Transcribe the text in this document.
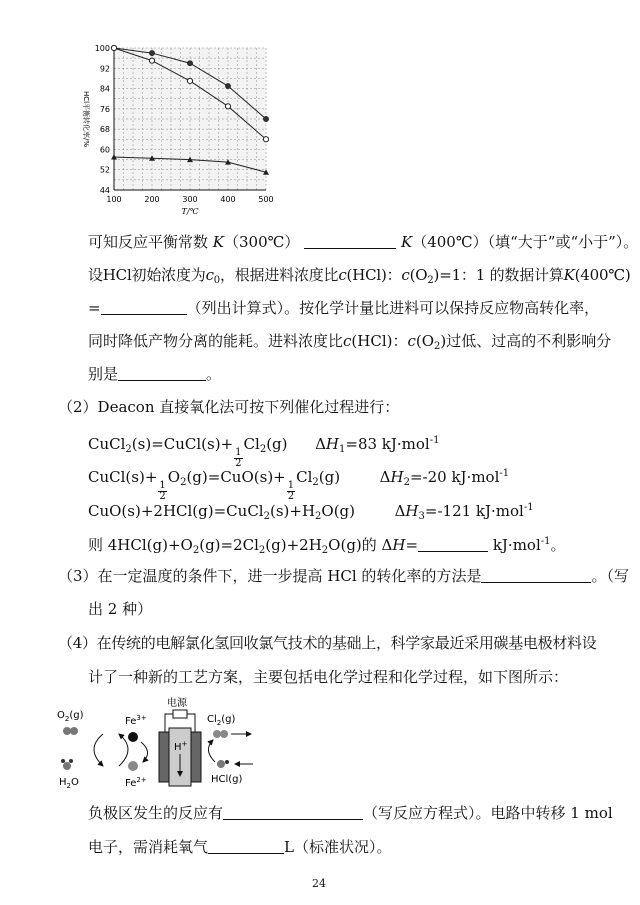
100
92
84
76
68
60
52
44
100	200	300	400	500
T/℃
HCl平衡转化率/%
可知反应平衡常数 K（300℃）	K（400℃）（填“大于”或“小于”）。
设HCl初始浓度为$c_0$，根据进料浓度比c(HCl)：$c(O_2)=1$：1 的数据计算K(400℃)
=	（列出计算式）。按化学计量比进料可以保持反应物高转化率，
同时降低产物分离的能耗。进料浓度比c(HCl)：$c(O_2)$过低、过高的不利影响分
别是	。
（2）Deacon 直接氧化法可按下列催化过程进行：
CuCl$_2$(s)=CuCl(s)+
$\frac{1}{2}$
$Cl_2(g)$ $\Delta H_1=83$ kJ·mol$^{-1}$
CuCl(s)+
$\frac{1}{2}$
$O_2(g)=CuO(s)+$
$\frac{1}{2}$
$Cl_2(g)$	$\Delta H_2=-20$ kJ·mol$^{-1}$
$CuO(s)+2HCl(g)=CuCl_2(s)+H_2O(g)$	$\Delta H_3=-121$ kJ·mol$^{-1}$
则 $4HCl(g)+O_2(g)=2Cl_2(g)+2H_2O(g)$的 ΔH=	kJ·mol$^{-1}$。
（3）在一定温度的条件下，进一步提高 HCl 的转化率的方法是	。（写
出 2 种）
（4）在传统的电解氯化氢回收氯气技术的基础上，科学家最近采用碳基电极材料设
计了一种新的工艺方案，主要包括电化学过程和化学过程，如下图所示：
电源
H+
$O_2(g)$
$H_2O$
$Fe^{3+}$
$Fe^{2+}$
$Cl_2(g)$
HCl(g)
负极区发生的反应有	（写反应方程式）。电路中转移 1 mol
电子，需消耗氧气	L（标准状况）。
24
